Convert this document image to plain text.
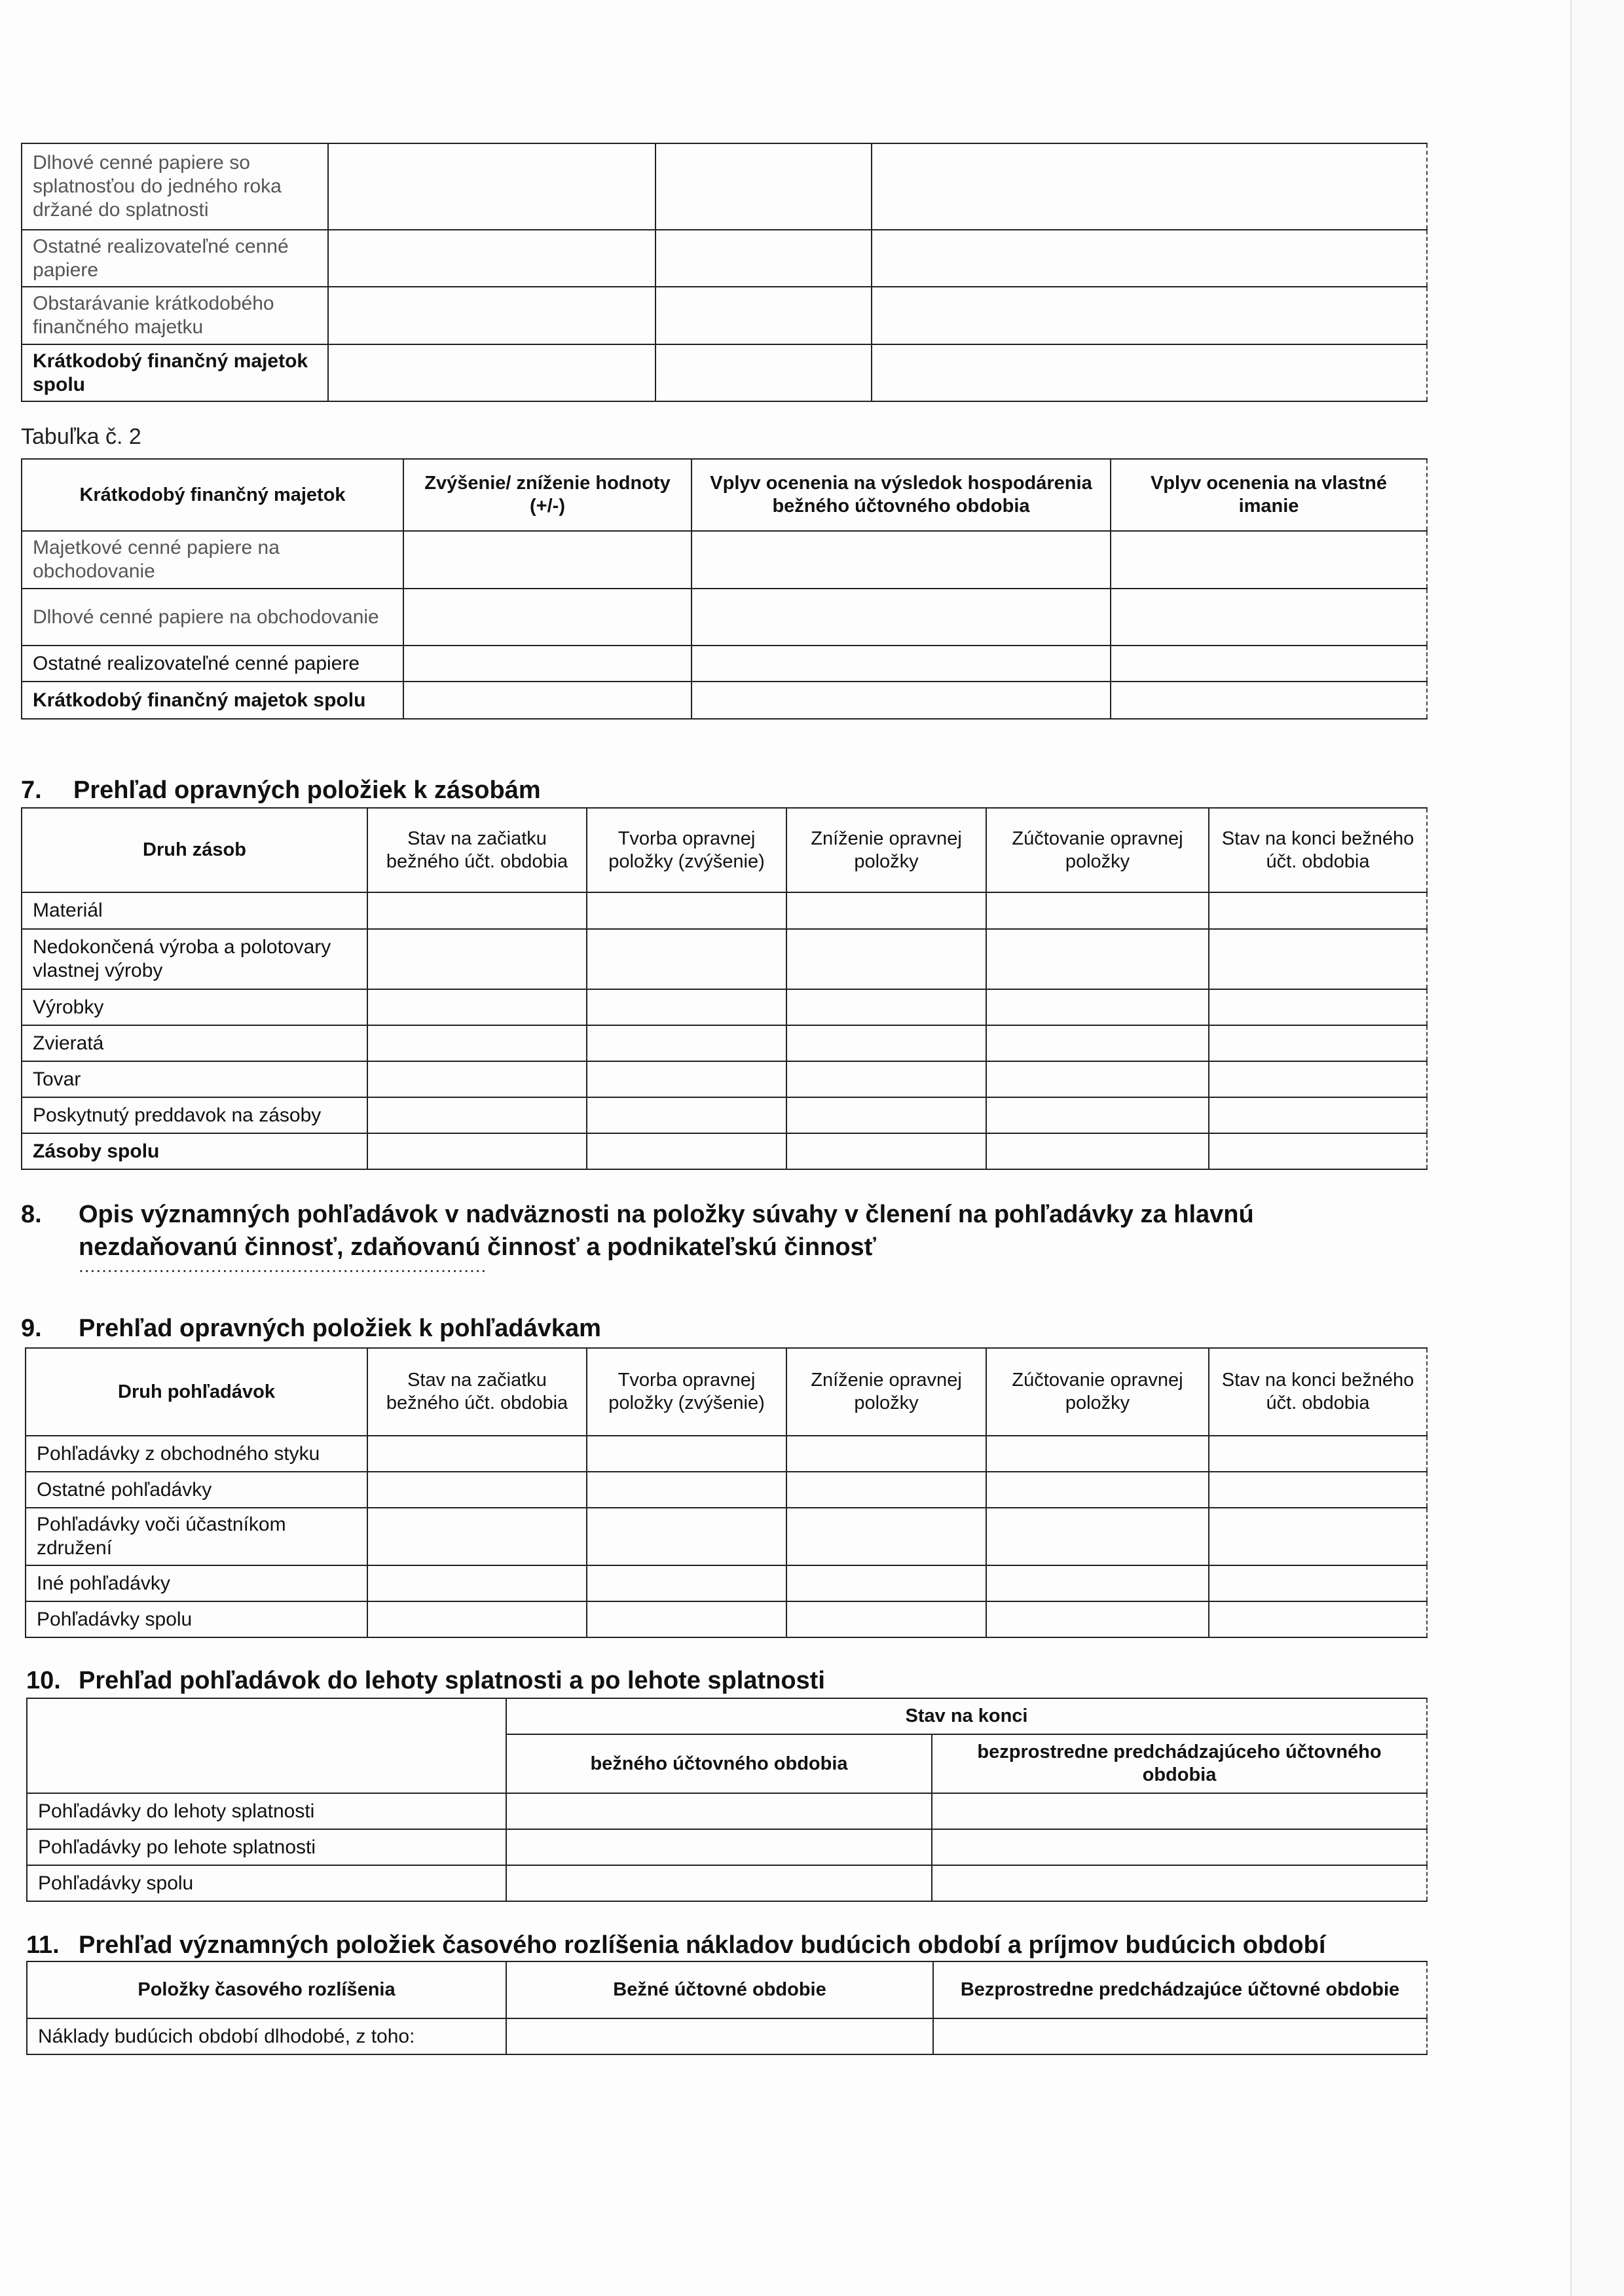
Dlhové cenné papiere so splatnosťou do jedného roka držané do splatnosti			
Ostatné realizovateľné cenné papiere			
Obstarávanie krátkodobého finančného majetku			
Krátkodobý finančný majetok spolu			
Tabuľka č. 2
Krátkodobý finančný majetok	Zvýšenie/ zníženie hodnoty (+/-)	Vplyv ocenenia na výsledok hospodárenia bežného účtovného obdobia	Vplyv ocenenia na vlastné imanie
Majetkové cenné papiere na obchodovanie			
Dlhové cenné papiere na obchodovanie			
Ostatné realizovateľné cenné papiere			
Krátkodobý finančný majetok spolu			
7. Prehľad opravných položiek k zásobám
Druh zásob	Stav na začiatku bežného účt. obdobia	Tvorba opravnej položky (zvýšenie)	Zníženie opravnej položky	Zúčtovanie opravnej položky	Stav na konci bežného účt. obdobia
Materiál					
Nedokončená výroba a polotovary vlastnej výroby					
Výrobky					
Zvieratá					
Tovar					
Poskytnutý preddavok na zásoby					
Zásoby spolu					
8. Opis významných pohľadávok v nadväznosti na položky súvahy v členení na pohľadávky za hlavnú
nezdaňovanú činnosť, zdaňovanú činnosť a podnikateľskú činnosť
.......................................................................
9. Prehľad opravných položiek k pohľadávkam
Druh pohľadávok	Stav na začiatku bežného účt. obdobia	Tvorba opravnej položky (zvýšenie)	Zníženie opravnej položky	Zúčtovanie opravnej položky	Stav na konci bežného účt. obdobia
Pohľadávky z obchodného styku					
Ostatné pohľadávky					
Pohľadávky voči účastníkom združení					
Iné pohľadávky					
Pohľadávky spolu					
10. Prehľad pohľadávok do lehoty splatnosti a po lehote splatnosti
	Stav na konci	
	bežného účtovného obdobia	bezprostredne predchádzajúceho účtovného obdobia
Pohľadávky do lehoty splatnosti		
Pohľadávky po lehote splatnosti		
Pohľadávky spolu		
11. Prehľad významných položiek časového rozlíšenia nákladov budúcich období a príjmov budúcich období
Položky časového rozlíšenia	Bežné účtovné obdobie	Bezprostredne predchádzajúce účtovné obdobie
Náklady budúcich období dlhodobé, z toho:		
